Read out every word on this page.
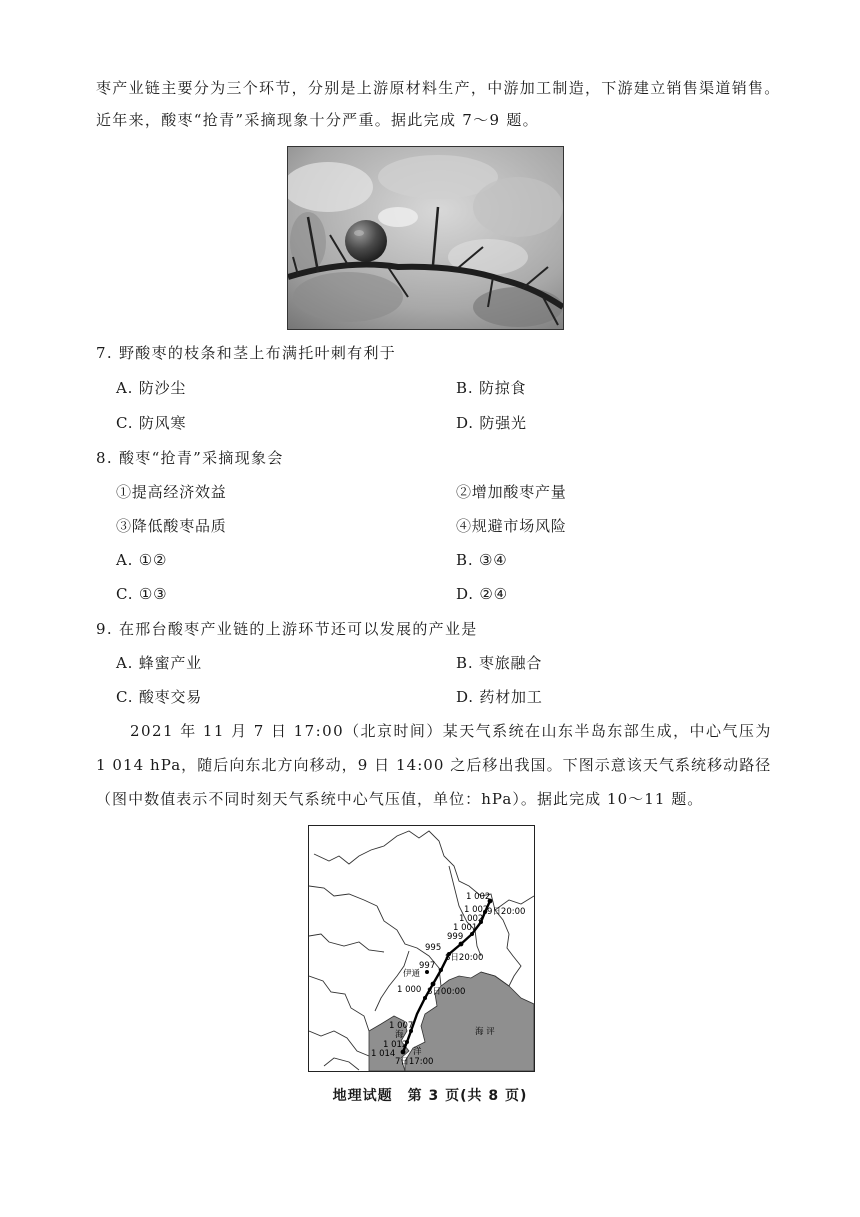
枣产业链主要分为三个环节，分别是上游原材料生产，中游加工制造，下游建立销售渠道销售。
近年来，酸枣“抢青”采摘现象十分严重。据此完成 7～9 题。
7. 野酸枣的枝条和茎上布满托叶刺有利于
A. 防沙尘	B. 防掠食
C. 防风寒	D. 防强光
8. 酸枣“抢青”采摘现象会
①提高经济效益	②增加酸枣产量
③降低酸枣品质	④规避市场风险
A. ①②	B. ③④
C. ①③	D. ②④
9. 在邢台酸枣产业链的上游环节还可以发展的产业是
A. 蜂蜜产业	B. 枣旅融合
C. 酸枣交易	D. 药材加工
2021 年 11 月 7 日 17:00（北京时间）某天气系统在山东半岛东部生成，中心气压为
1 014 hPa，随后向东北方向移动，9 日 14:00 之后移出我国。下图示意该天气系统移动路径
（图中数值表示不同时刻天气系统中心气压值，单位：hPa）。据此完成 10～11 题。
1 002
1 002
1 002
1 001
9日20:00
999
995
伊通
8日20:00
997
1 000 8日00:00
1 007
海
1 012
1 014 洋
7日17:00
海 评
地理试题　第 3 页(共 8 页)
